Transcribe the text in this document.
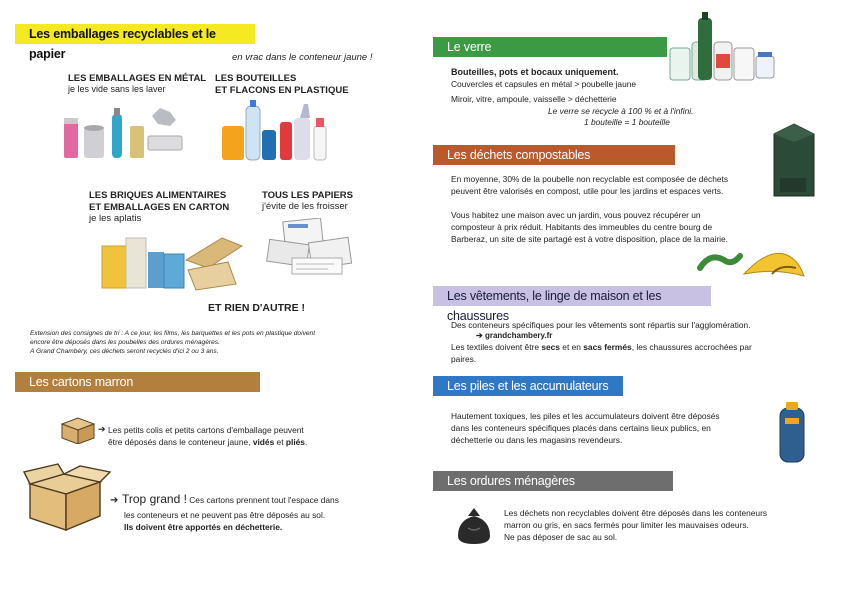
Les emballages recyclables et le papier	en vrac dans le conteneur jaune !
LES EMBALLAGES EN MÉTAL
je les vide sans les laver
LES BOUTEILLES
ET FLACONS EN PLASTIQUE
LES BRIQUES ALIMENTAIRES
ET EMBALLAGES EN CARTON
je les aplatis
TOUS LES PAPIERS
j'évite de les froisser
ET RIEN D'AUTRE !
Extension des consignes de tri : A ce jour, les films, les barquettes et les pots en plastique doivent
encore être déposés dans les poubelles des ordures ménagères.
A Grand Chambéry, ces déchets seront recyclés d'ici 2 ou 3 ans.
Les cartons marron
➔ Les petits colis et petits cartons d'emballage peuvent
être déposés dans le conteneur jaune, vidés et pliés.
➔ Trop grand ! Ces cartons prennent tout l'espace dans
les conteneurs et ne peuvent pas être déposés au sol.
Ils doivent être apportés en déchetterie.
Le verre
Bouteilles, pots et bocaux uniquement.
Couvercles et capsules en métal > poubelle jaune
Miroir, vitre, ampoule, vaisselle > déchetterie
Le verre se recycle à 100 % et à l'infini.
1 bouteille = 1 bouteille
Les déchets compostables
En moyenne, 30% de la poubelle non recyclable est composée de déchets
peuvent être valorisés en compost, utile pour les jardins et espaces verts.
Vous habitez une maison avec un jardin, vous pouvez récupérer un
composteur à prix réduit. Habitants des immeubles du centre bourg de
Barberaz, un site de site partagé est à votre disposition, place de la mairie.
Les vêtements, le linge de maison et les chaussures
Des conteneurs spécifiques pour les vêtements sont répartis sur l'agglomération.
➔ grandchambery.fr
Les textiles doivent être secs et en sacs fermés, les chaussures accrochées par
paires.
Les piles et les accumulateurs
Hautement toxiques, les piles et les accumulateurs doivent être déposés
dans les conteneurs spécifiques placés dans certains lieux publics, en
déchetterie ou dans les magasins revendeurs.
Les ordures ménagères
Les déchets non recyclables doivent être déposés dans les conteneurs
marron ou gris, en sacs fermés pour limiter les mauvaises odeurs.
Ne pas déposer de sac au sol.
